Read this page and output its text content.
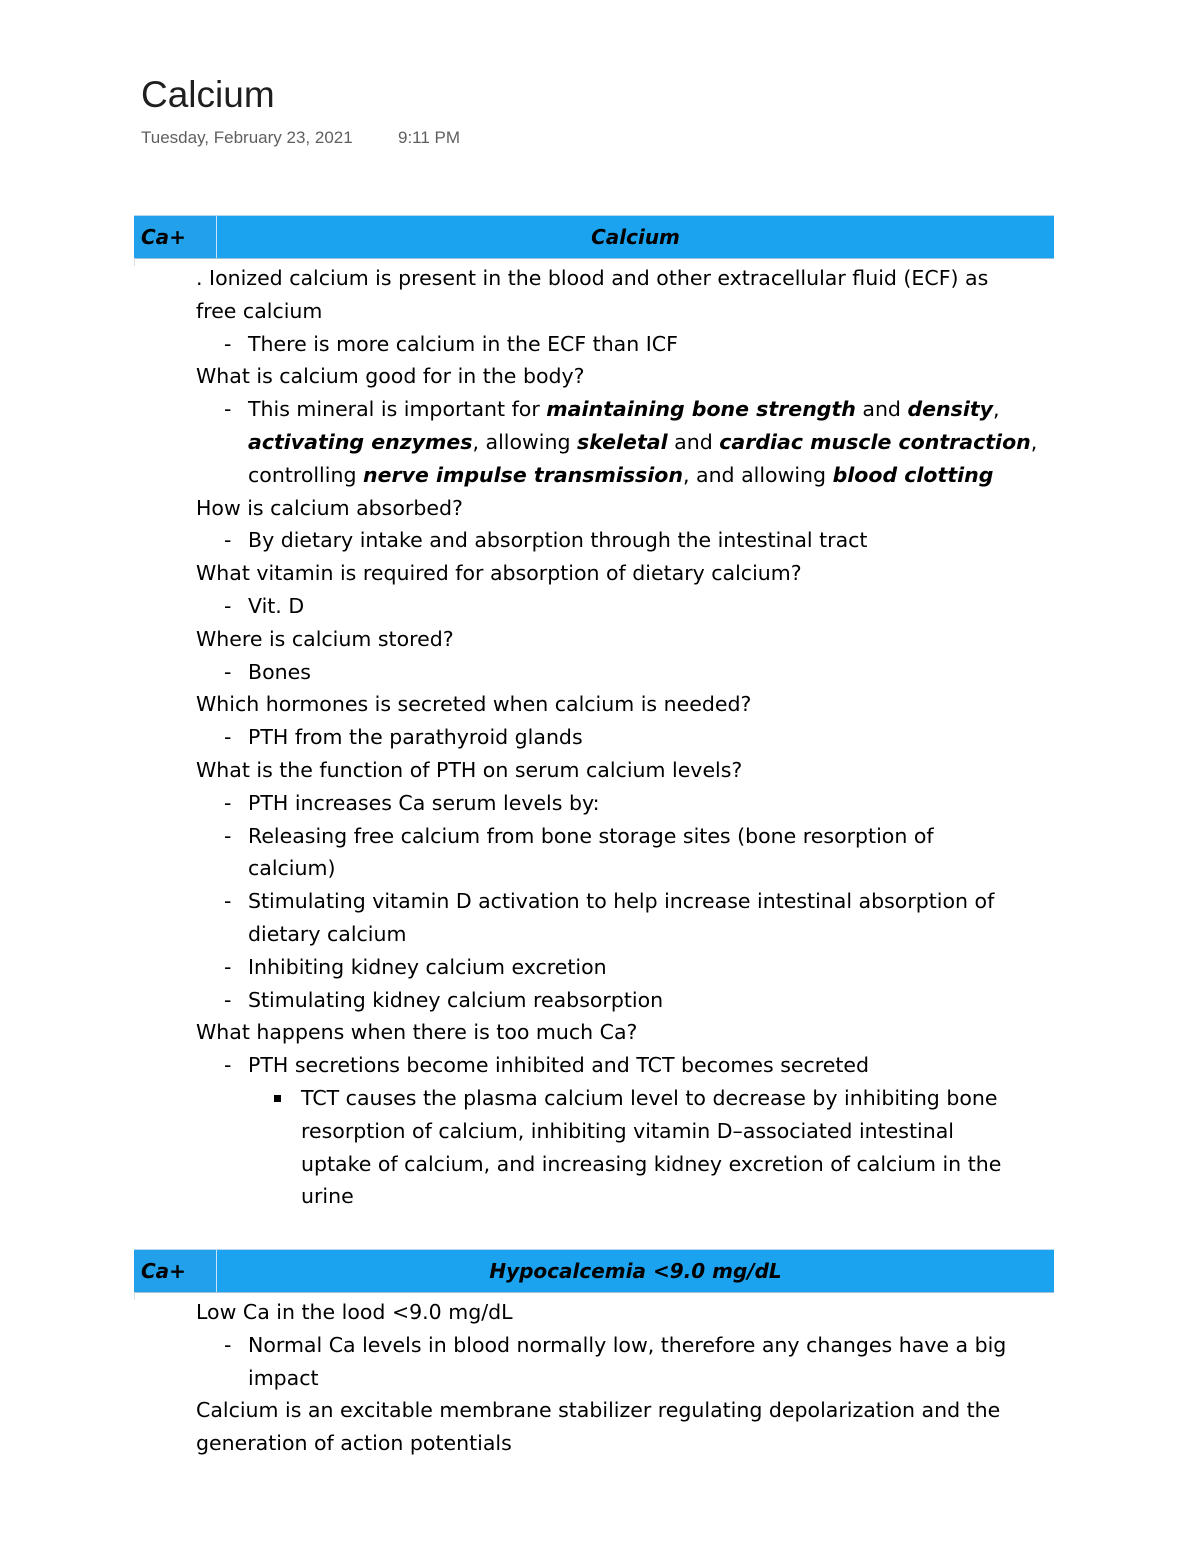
Calcium
Tuesday, February 23, 2021	9:11 PM
Ca+	Calcium
. Ionized calcium is present in the blood and other extracellular fluid (ECF) as
free calcium
- There is more calcium in the ECF than ICF
What is calcium good for in the body?
- This mineral is important for maintaining bone strength and density,
activating enzymes, allowing skeletal and cardiac muscle contraction,
controlling nerve impulse transmission, and allowing blood clotting
How is calcium absorbed?
- By dietary intake and absorption through the intestinal tract
What vitamin is required for absorption of dietary calcium?
- Vit. D
Where is calcium stored?
- Bones
Which hormones is secreted when calcium is needed?
- PTH from the parathyroid glands
What is the function of PTH on serum calcium levels?
- PTH increases Ca serum levels by:
- Releasing free calcium from bone storage sites (bone resorption of
calcium)
- Stimulating vitamin D activation to help increase intestinal absorption of
dietary calcium
- Inhibiting kidney calcium excretion
- Stimulating kidney calcium reabsorption
What happens when there is too much Ca?
- PTH secretions become inhibited and TCT becomes secreted
TCT causes the plasma calcium level to decrease by inhibiting bone
resorption of calcium, inhibiting vitamin D–associated intestinal
uptake of calcium, and increasing kidney excretion of calcium in the
urine
Ca+	Hypocalcemia <9.0 mg/dL
Low Ca in the lood <9.0 mg/dL
- Normal Ca levels in blood normally low, therefore any changes have a big
impact
Calcium is an excitable membrane stabilizer regulating depolarization and the
generation of action potentials
